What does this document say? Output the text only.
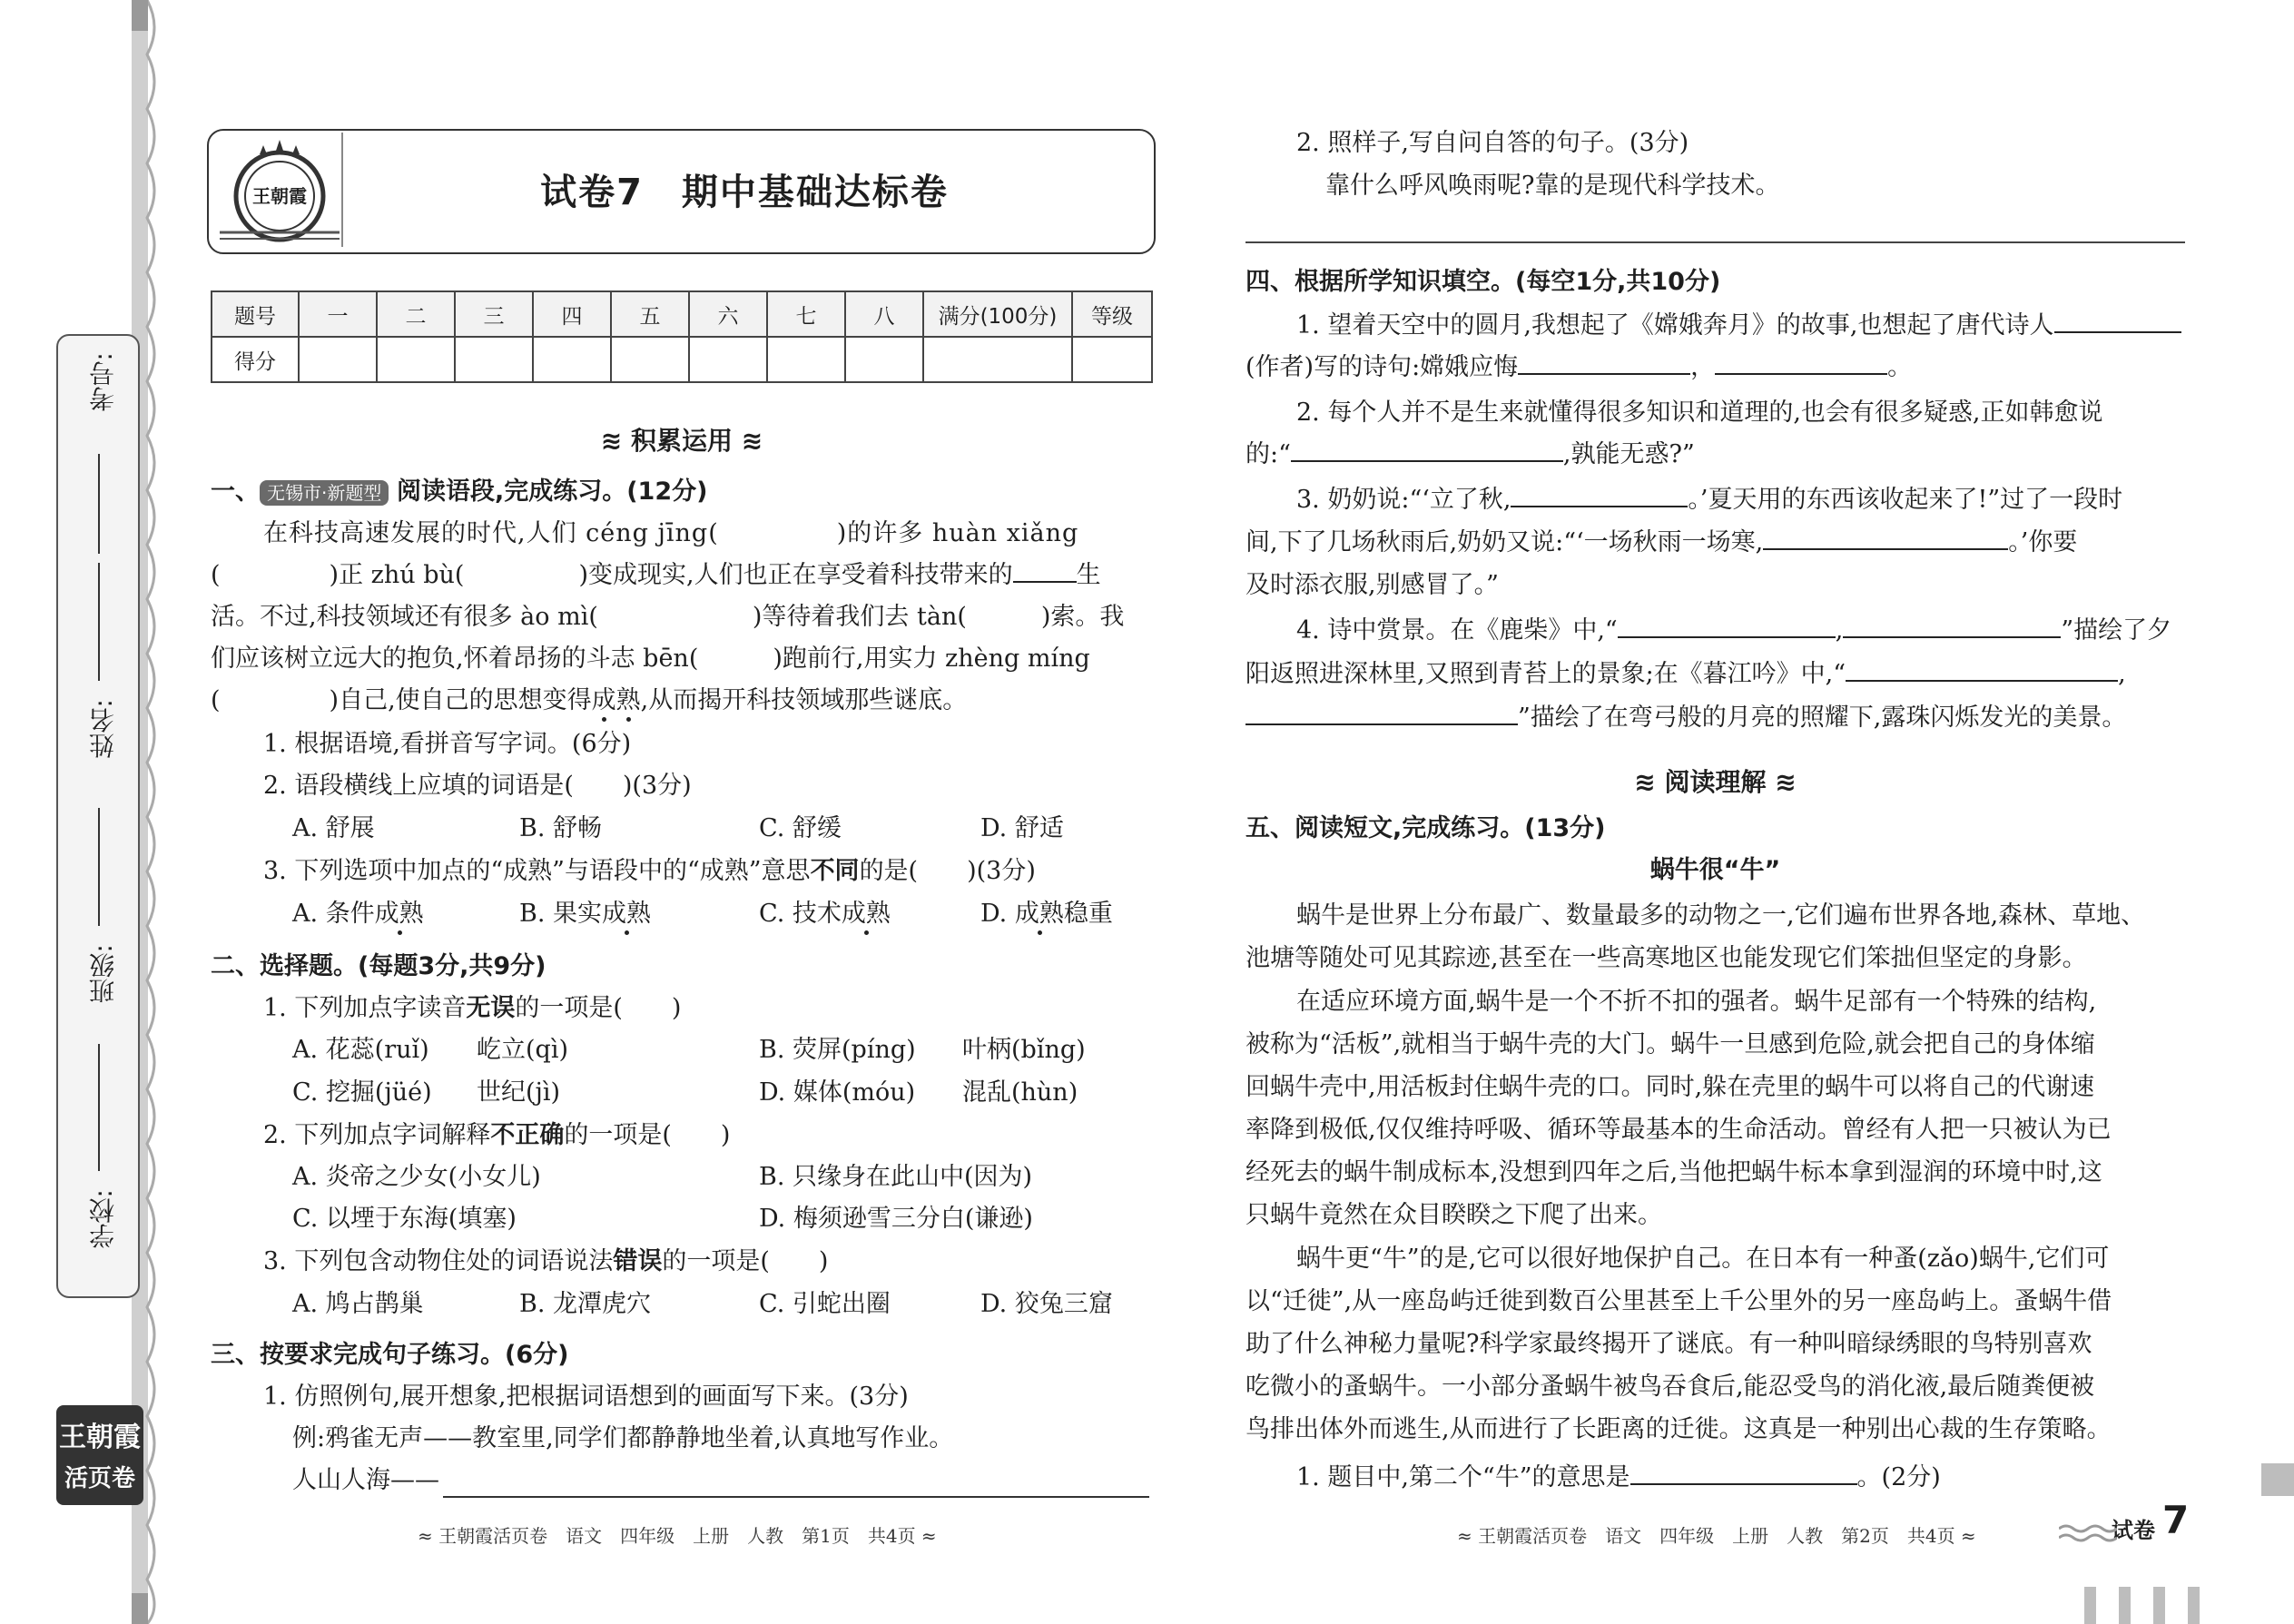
考号:
姓名:
班级:
学校:
王朝霞
活页卷
王朝霞	试卷7　期中基础达标卷
题号	一	二	三	四	五	六	七	八	满分(100分)	等级
得分										
≋ 积累运用 ≋
一、 无锡市·新题型 阅读语段,完成练习。(12分)
在科技高速发展的时代,人们 céng jīng(	)的许多 huàn xiǎng
(	)正 zhú bù(	)变成现实,人们也正在享受着科技带来的	生
活。不过,科技领域还有很多 ào mì(	)等待着我们去 tàn(	)索。我
们应该树立远大的抱负,怀着昂扬的斗志 bēn(	)跑前行,用实力 zhèng míng
(	)自己,使自己的思想变得成熟,从而揭开科技领域那些谜底。
1. 根据语境,看拼音写字词。(6分)
2. 语段横线上应填的词语是(　　)(3分)
A. 舒展	B. 舒畅	C. 舒缓	D. 舒适
3. 下列选项中加点的“成熟”与语段中的“成熟”意思不同的是(　　)(3分)
A. 条件成熟	B. 果实成熟	C. 技术成熟	D. 成熟稳重
二、选择题。(每题3分,共9分)
1. 下列加点字读音无误的一项是(　　)
A. 花蕊(ruǐ) 屹立(qì)	B. 荧屏(píng) 叶柄(bǐng)
C. 挖掘(jüé) 世纪(jì)	D. 媒体(móu) 混乱(hùn)
2. 下列加点字词解释不正确的一项是(　　)
A. 炎帝之少女(小女儿)	B. 只缘身在此山中(因为)
C. 以堙于东海(填塞)	D. 梅须逊雪三分白(谦逊)
3. 下列包含动物住处的词语说法错误的一项是(　　)
A. 鸠占鹊巢	B. 龙潭虎穴	C. 引蛇出圈	D. 狡兔三窟
三、按要求完成句子练习。(6分)
1. 仿照例句,展开想象,把根据词语想到的画面写下来。(3分)
例:鸦雀无声——教室里,同学们都静静地坐着,认真地写作业。
人山人海——
≈ 王朝霞活页卷　语文　四年级　上册　人教　第1页　共4页 ≈
2. 照样子,写自问自答的句子。(3分)
靠什么呼风唤雨呢?靠的是现代科学技术。
四、根据所学知识填空。(每空1分,共10分)
1. 望着天空中的圆月,我想起了《嫦娥奔月》的故事,也想起了唐代诗人
(作者)写的诗句:嫦娥应悔	，	。
2. 每个人并不是生来就懂得很多知识和道理的,也会有很多疑惑,正如韩愈说
的:“	,孰能无惑?”
3. 奶奶说:“‘立了秋,	。’夏天用的东西该收起来了!”过了一段时
间,下了几场秋雨后,奶奶又说:“‘一场秋雨一场寒,	。’你要
及时添衣服,别感冒了。”
4. 诗中赏景。在《鹿柴》中,“	,	”描绘了夕
阳返照进深林里,又照到青苔上的景象;在《暮江吟》中,“	,
”描绘了在弯弓般的月亮的照耀下,露珠闪烁发光的美景。
≋ 阅读理解 ≋
五、阅读短文,完成练习。(13分)
蜗牛很“牛”
蜗牛是世界上分布最广、数量最多的动物之一,它们遍布世界各地,森林、草地、
池塘等随处可见其踪迹,甚至在一些高寒地区也能发现它们笨拙但坚定的身影。
在适应环境方面,蜗牛是一个不折不扣的强者。蜗牛足部有一个特殊的结构,
被称为“活板”,就相当于蜗牛壳的大门。蜗牛一旦感到危险,就会把自己的身体缩
回蜗牛壳中,用活板封住蜗牛壳的口。同时,躲在壳里的蜗牛可以将自己的代谢速
率降到极低,仅仅维持呼吸、循环等最基本的生命活动。曾经有人把一只被认为已
经死去的蜗牛制成标本,没想到四年之后,当他把蜗牛标本拿到湿润的环境中时,这
只蜗牛竟然在众目睽睽之下爬了出来。
蜗牛更“牛”的是,它可以很好地保护自己。在日本有一种蚤(zǎo)蜗牛,它们可
以“迁徙”,从一座岛屿迁徙到数百公里甚至上千公里外的另一座岛屿上。蚤蜗牛借
助了什么神秘力量呢?科学家最终揭开了谜底。有一种叫暗绿绣眼的鸟特别喜欢
吃微小的蚤蜗牛。一小部分蚤蜗牛被鸟吞食后,能忍受鸟的消化液,最后随粪便被
鸟排出体外而逃生,从而进行了长距离的迁徙。这真是一种别出心裁的生存策略。
1. 题目中,第二个“牛”的意思是	。(2分)
≈ 王朝霞活页卷　语文　四年级　上册　人教　第2页　共4页 ≈	试卷 7
